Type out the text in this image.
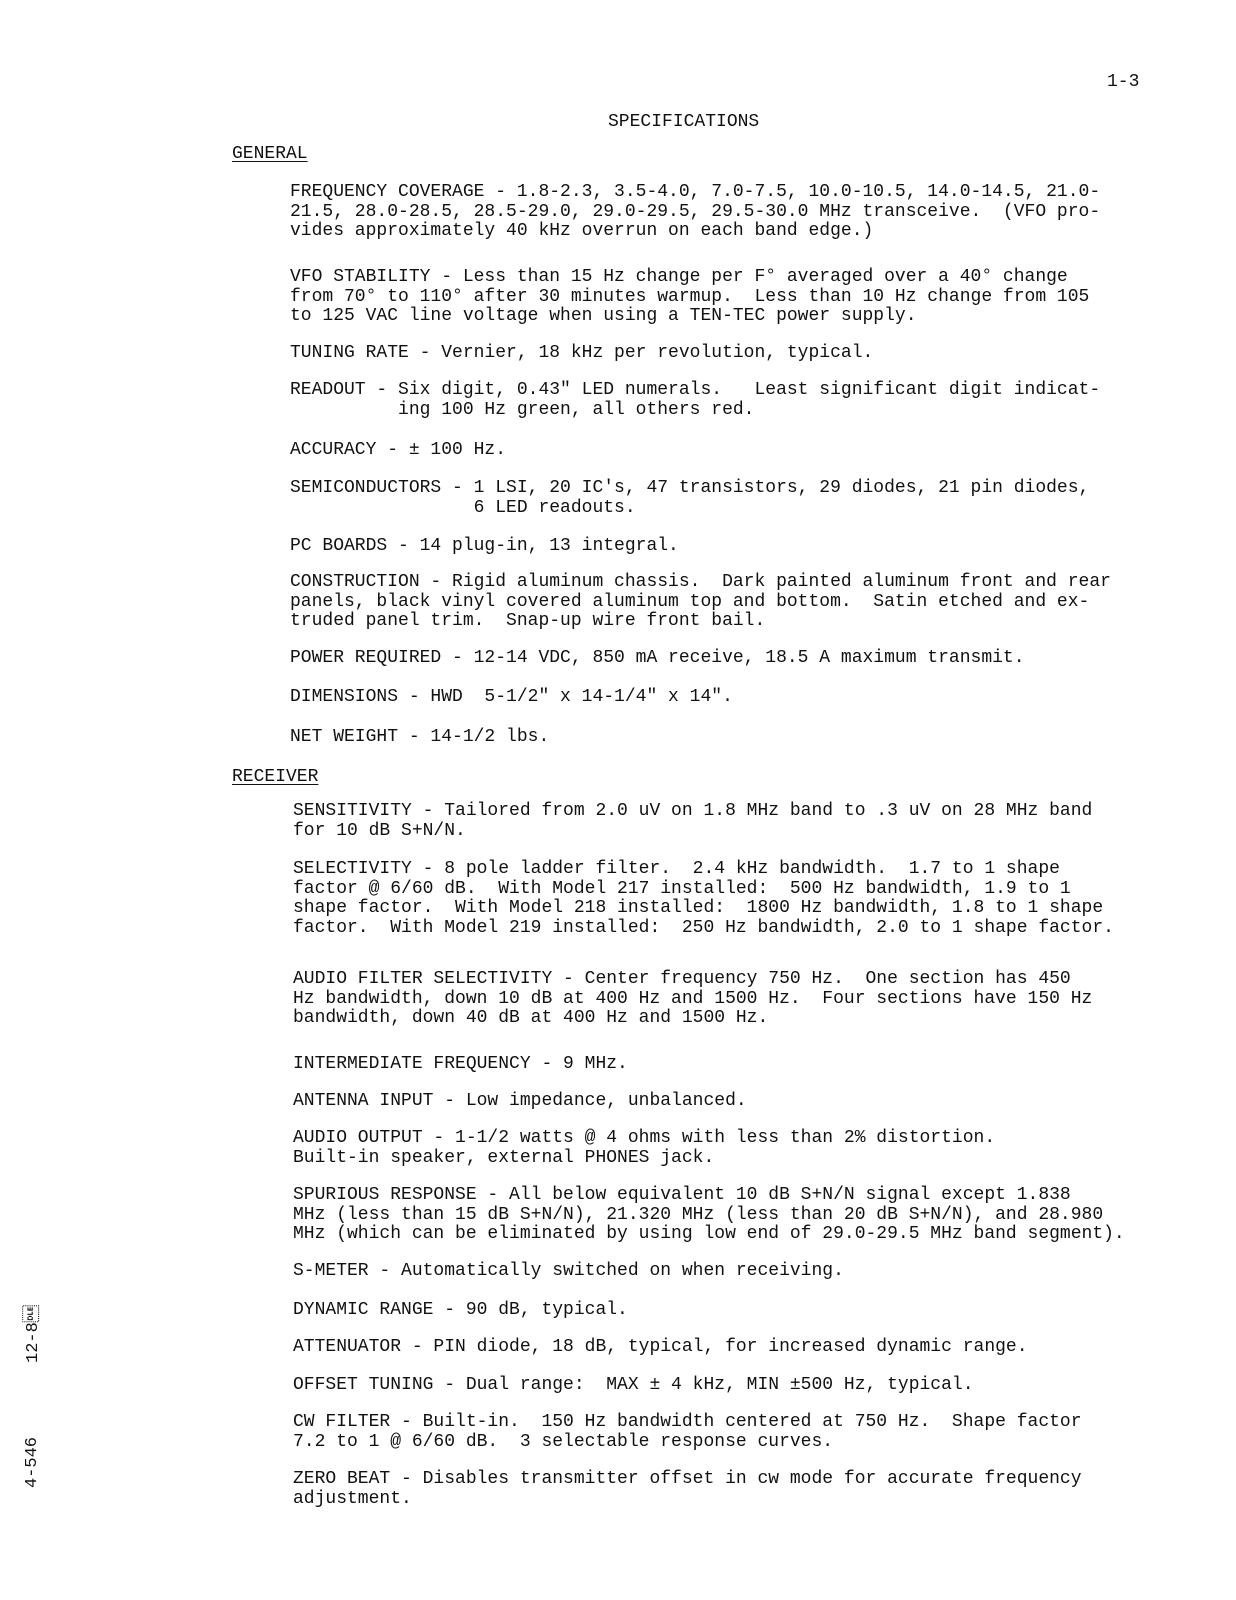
1-3
SPECIFICATIONS
GENERAL
FREQUENCY COVERAGE - 1.8-2.3, 3.5-4.0, 7.0-7.5, 10.0-10.5, 14.0-14.5, 21.0-
21.5, 28.0-28.5, 28.5-29.0, 29.0-29.5, 29.5-30.0 MHz transceive.  (VFO pro-
vides approximately 40 kHz overrun on each band edge.)
VFO STABILITY - Less than 15 Hz change per F° averaged over a 40° change
from 70° to 110° after 30 minutes warmup.  Less than 10 Hz change from 105
to 125 VAC line voltage when using a TEN-TEC power supply.
TUNING RATE - Vernier, 18 kHz per revolution, typical.
READOUT - Six digit, 0.43" LED numerals.   Least significant digit indicat-
ing 100 Hz green, all others red.
ACCURACY - ± 100 Hz.
SEMICONDUCTORS - 1 LSI, 20 IC's, 47 transistors, 29 diodes, 21 pin diodes,
6 LED readouts.
PC BOARDS - 14 plug-in, 13 integral.
CONSTRUCTION - Rigid aluminum chassis.  Dark painted aluminum front and rear
panels, black vinyl covered aluminum top and bottom.  Satin etched and ex-
truded panel trim.  Snap-up wire front bail.
POWER REQUIRED - 12-14 VDC, 850 mA receive, 18.5 A maximum transmit.
DIMENSIONS - HWD  5-1/2" x 14-1/4" x 14".
NET WEIGHT - 14-1/2 lbs.
RECEIVER
SENSITIVITY - Tailored from 2.0 uV on 1.8 MHz band to .3 uV on 28 MHz band
for 10 dB S+N/N.
SELECTIVITY - 8 pole ladder filter.  2.4 kHz bandwidth.  1.7 to 1 shape
factor @ 6/60 dB.  With Model 217 installed:  500 Hz bandwidth, 1.9 to 1
shape factor.  With Model 218 installed:  1800 Hz bandwidth, 1.8 to 1 shape
factor.  With Model 219 installed:  250 Hz bandwidth, 2.0 to 1 shape factor.
AUDIO FILTER SELECTIVITY - Center frequency 750 Hz.  One section has 450
Hz bandwidth, down 10 dB at 400 Hz and 1500 Hz.  Four sections have 150 Hz
bandwidth, down 40 dB at 400 Hz and 1500 Hz.
INTERMEDIATE FREQUENCY - 9 MHz.
ANTENNA INPUT - Low impedance, unbalanced.
AUDIO OUTPUT - 1-1/2 watts @ 4 ohms with less than 2% distortion.
Built-in speaker, external PHONES jack.
SPURIOUS RESPONSE - All below equivalent 10 dB S+N/N signal except 1.838
MHz (less than 15 dB S+N/N), 21.320 MHz (less than 20 dB S+N/N), and 28.980
MHz (which can be eliminated by using low end of 29.0-29.5 MHz band segment).
S-METER - Automatically switched on when receiving.
DYNAMIC RANGE - 90 dB, typical.
ATTENUATOR - PIN diode, 18 dB, typical, for increased dynamic range.
OFFSET TUNING - Dual range:  MAX ± 4 kHz, MIN ±500 Hz, typical.
CW FILTER - Built-in.  150 Hz bandwidth centered at 750 Hz.  Shape factor
7.2 to 1 @ 6/60 dB.  3 selectable response curves.
ZERO BEAT - Disables transmitter offset in cw mode for accurate frequency
adjustment.
12-8
4-546
